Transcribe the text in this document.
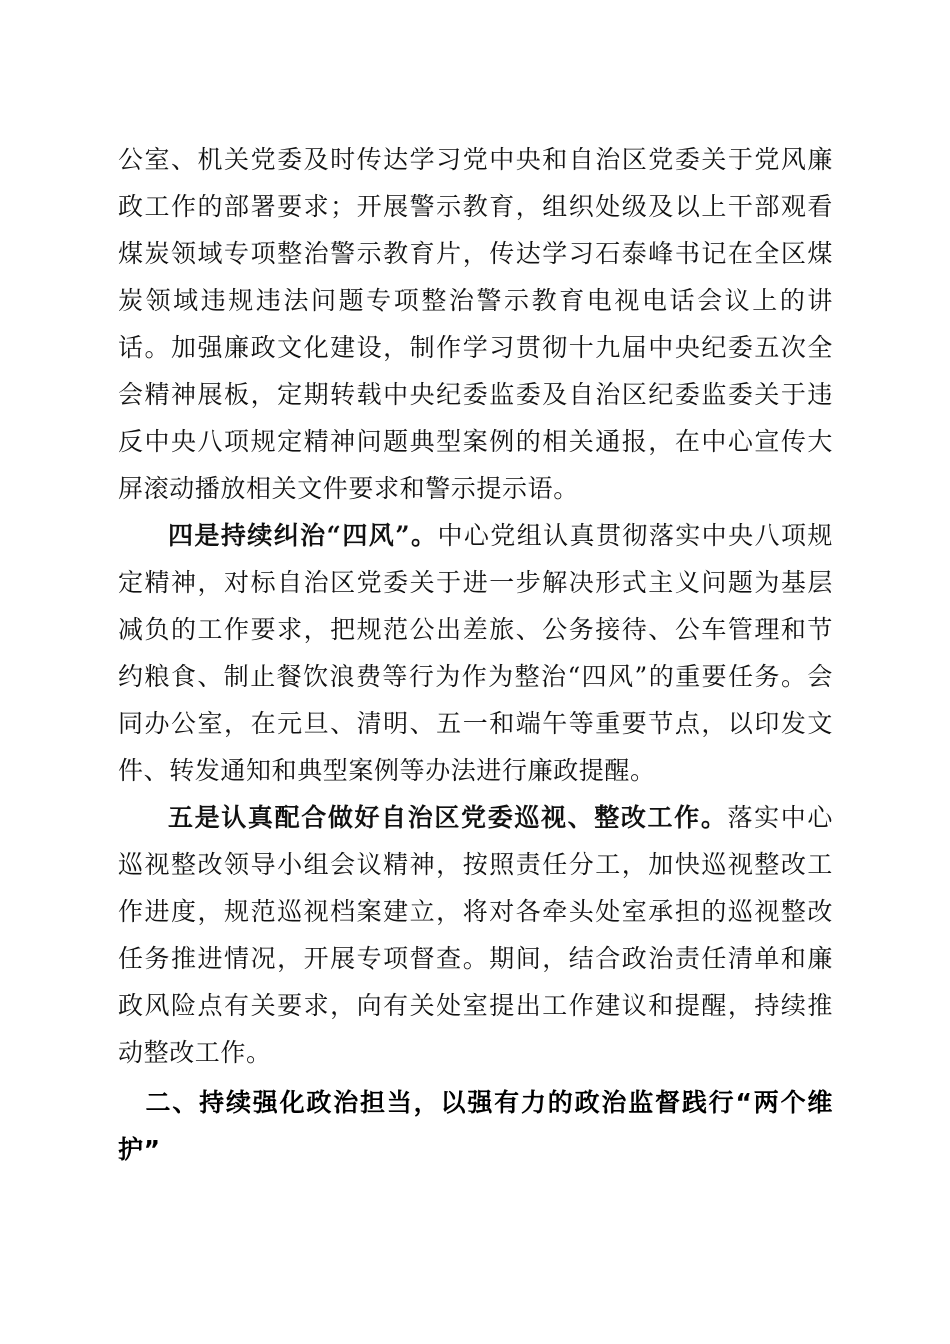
公室、机关党委及时传达学习党中央和自治区党委关于党风廉政工作的部署要求；开展警示教育，组织处级及以上干部观看煤炭领域专项整治警示教育片，传达学习石泰峰书记在全区煤炭领域违规违法问题专项整治警示教育电视电话会议上的讲话。加强廉政文化建设，制作学习贯彻十九届中央纪委五次全会精神展板，定期转载中央纪委监委及自治区纪委监委关于违反中央八项规定精神问题典型案例的相关通报，在中心宣传大屏滚动播放相关文件要求和警示提示语。

四是持续纠治“四风”。中心党组认真贯彻落实中央八项规定精神，对标自治区党委关于进一步解决形式主义问题为基层减负的工作要求，把规范公出差旅、公务接待、公车管理和节约粮食、制止餐饮浪费等行为作为整治“四风”的重要任务。会同办公室，在元旦、清明、五一和端午等重要节点，以印发文件、转发通知和典型案例等办法进行廉政提醒。

五是认真配合做好自治区党委巡视、整改工作。落实中心巡视整改领导小组会议精神，按照责任分工，加快巡视整改工作进度，规范巡视档案建立，将对各牵头处室承担的巡视整改任务推进情况，开展专项督查。期间，结合政治责任清单和廉政风险点有关要求，向有关处室提出工作建议和提醒，持续推动整改工作。

二、持续强化政治担当，以强有力的政治监督践行“两个维护”
